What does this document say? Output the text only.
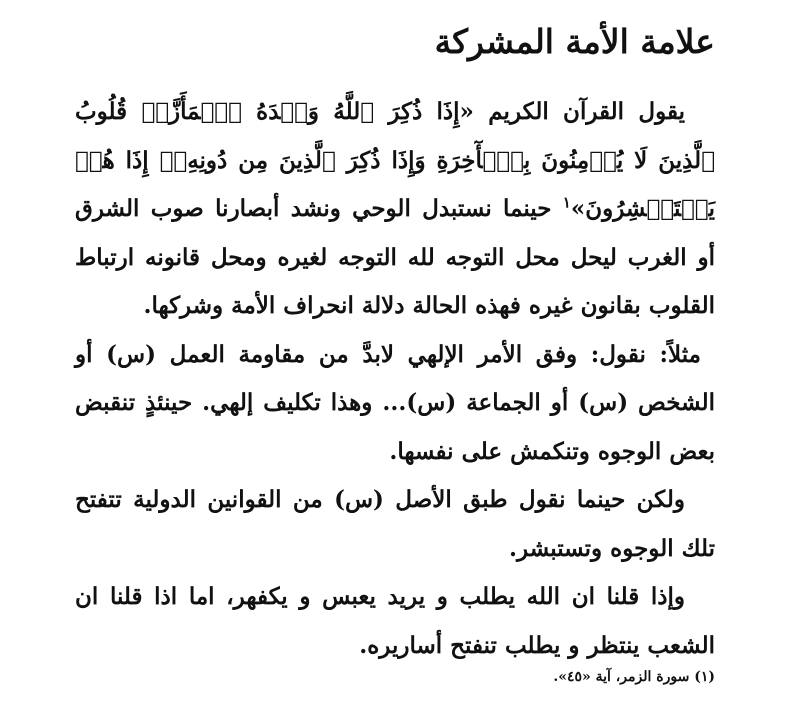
علامة الأمة المشركة

يقول القرآن الكريم «إِذَا ذُكِرَ ٱللَّهُ وَحۡدَهُ ٱشۡمَأَزَّتۡ قُلُوبُ ٱلَّذِينَ لَا يُؤۡمِنُونَ بِٱلۡأٓخِرَةِ وَإِذَا ذُكِرَ ٱلَّذِينَ مِن دُونِهِۦٓ إِذَا هُمۡ يَسۡتَبۡشِرُونَ»$^١$ حينما نستبدل الوحي ونشد أبصارنا صوب الشرق أو الغرب ليحل محل التوجه لله التوجه لغيره ومحل قانونه ارتباط القلوب بقانون غيره فهذه الحالة دلالة انحراف الأمة وشركها.

مثلاً: نقول: وفق الأمر الإلهي لابدَّ من مقاومة العمل (س) أو الشخص (س) أو الجماعة (س)... وهذا تكليف إلهي. حينئذٍ تنقبض بعض الوجوه وتنكمش على نفسها.

ولكن حينما نقول طبق الأصل (س) من القوانين الدولية تتفتح تلك الوجوه وتستبشر.

وإذا قلنا ان الله يطلب و يريد يعبس و يكفهر، اما اذا قلنا ان الشعب ينتظر و يطلب تنفتح أساريره.

(١) سورة الزمر، آية «٤٥».
